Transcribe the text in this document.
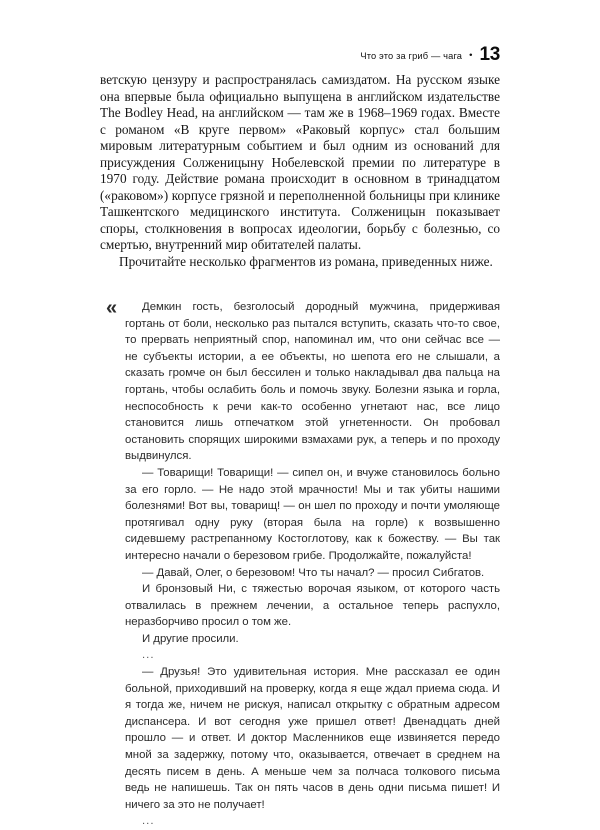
Что это за гриб — чага • 13

ветскую цензуру и распространялась самиздатом. На русском языке она впервые была официально выпущена в английском издательстве The Bodley Head, на английском — там же в 1968–1969 годах. Вместе с романом «В круге первом» «Раковый корпус» стал большим мировым литературным событием и был одним из оснований для присуждения Солженицыну Нобелевской премии по литературе в 1970 году. Действие романа происходит в основном в тринадцатом («раковом») корпусе грязной и переполненной больницы при клинике Ташкентского медицинского института. Солженицын показывает споры, столкновения в вопросах идеологии, борьбу с болезнью, со смертью, внутренний мир обитателей палаты.

Прочитайте несколько фрагментов из романа, приведенных ниже.

«	Демкин гость, безголосый дородный мужчина, придерживая гортань от боли, несколько раз пытался вступить, сказать что-то свое, то прервать неприятный спор, напоминал им, что они сейчас все — не субъекты истории, а ее объекты, но шепота его не слышали, а сказать громче он был бессилен и только накладывал два пальца на гортань, чтобы ослабить боль и помочь звуку. Болезни языка и горла, неспособность к речи как-то особенно угнетают нас, все лицо становится лишь отпечатком этой угнетенности. Он пробовал остановить спорящих широкими взмахами рук, а теперь и по проходу выдвинулся.

— Товарищи! Товарищи! — сипел он, и вчуже становилось больно за его горло. — Не надо этой мрачности! Мы и так убиты нашими болезнями! Вот вы, товарищ! — он шел по проходу и почти умоляюще протягивал одну руку (вторая была на горле) к возвышенно сидевшему растрепанному Костоглотову, как к божеству. — Вы так интересно начали о березовом грибе. Продолжайте, пожалуйста!

— Давай, Олег, о березовом! Что ты начал? — просил Сибгатов.

И бронзовый Ни, с тяжестью ворочая языком, от которого часть отвалилась в прежнем лечении, а остальное теперь распухло, неразборчиво просил о том же.

И другие просили.

...

— Друзья! Это удивительная история. Мне рассказал ее один больной, приходивший на проверку, когда я еще ждал приема сюда. И я тогда же, ничем не рискуя, написал открытку с обратным адресом диспансера. И вот сегодня уже пришел ответ! Двенадцать дней прошло — и ответ. И доктор Масленников еще извиняется передо мной за задержку, потому что, оказывается, отвечает в среднем на десять писем в день. А меньше чем за полчаса толкового письма ведь не напишешь. Так он пять часов в день одни письма пишет! И ничего за это не получает!

...
